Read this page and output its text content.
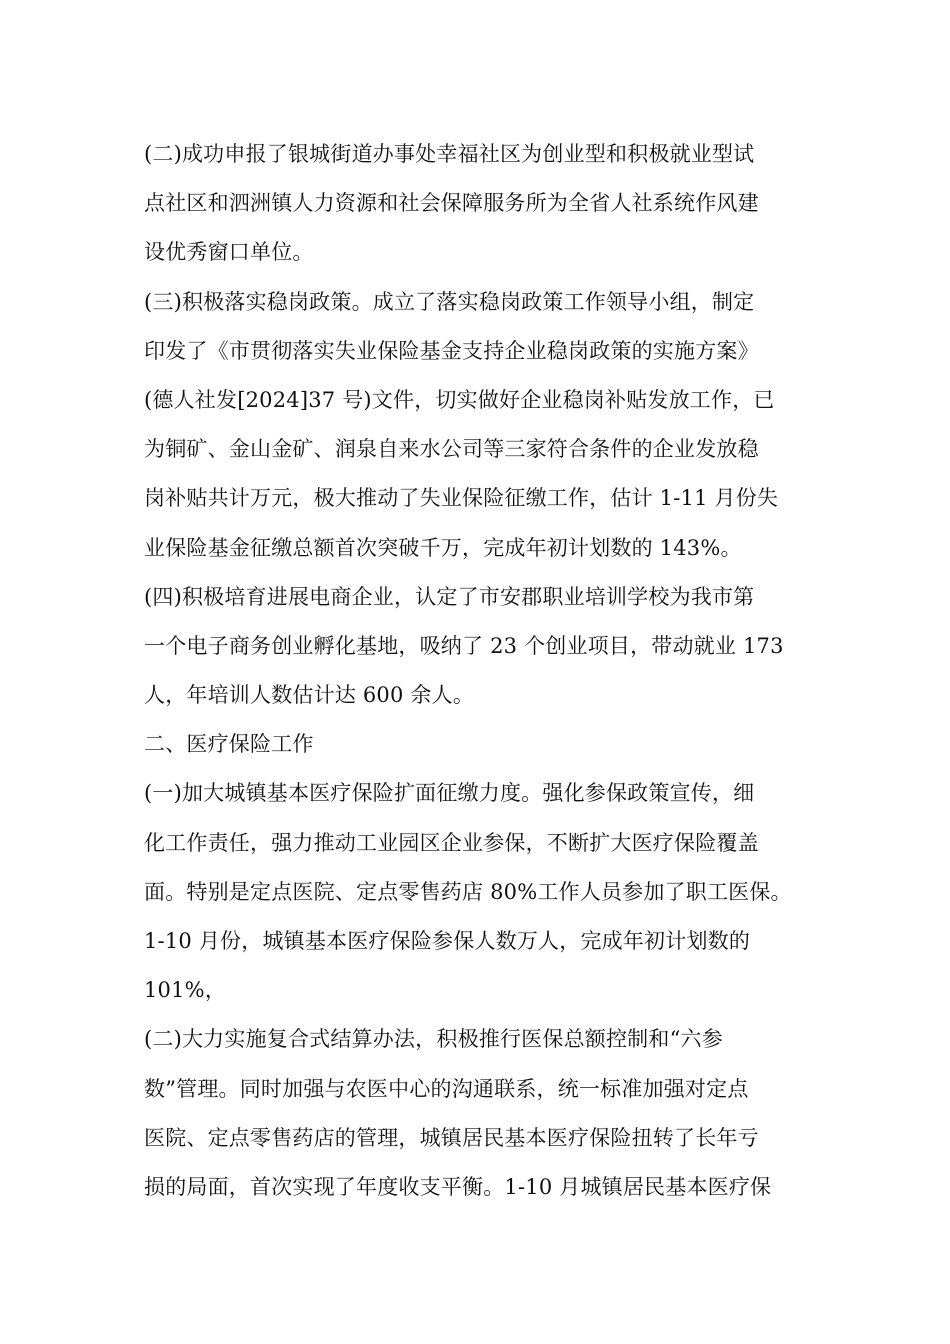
(二)成功申报了银城街道办事处幸福社区为创业型和积极就业型试
点社区和泗洲镇人力资源和社会保障服务所为全省人社系统作风建
设优秀窗口单位。
(三)积极落实稳岗政策。成立了落实稳岗政策工作领导小组，制定
印发了《市贯彻落实失业保险基金支持企业稳岗政策的实施方案》
(德人社发[2024]37 号)文件，切实做好企业稳岗补贴发放工作，已
为铜矿、金山金矿、润泉自来水公司等三家符合条件的企业发放稳
岗补贴共计万元，极大推动了失业保险征缴工作，估计 1-11 月份失
业保险基金征缴总额首次突破千万，完成年初计划数的 143%。
(四)积极培育进展电商企业，认定了市安郡职业培训学校为我市第
一个电子商务创业孵化基地，吸纳了 23 个创业项目，带动就业 173
人，年培训人数估计达 600 余人。
二、医疗保险工作
(一)加大城镇基本医疗保险扩面征缴力度。强化参保政策宣传，细
化工作责任，强力推动工业园区企业参保，不断扩大医疗保险覆盖
面。特别是定点医院、定点零售药店 80%工作人员参加了职工医保。
1-10 月份，城镇基本医疗保险参保人数万人，完成年初计划数的
101%，
(二)大力实施复合式结算办法，积极推行医保总额控制和“六参
数”管理。同时加强与农医中心的沟通联系，统一标准加强对定点
医院、定点零售药店的管理，城镇居民基本医疗保险扭转了长年亏
损的局面，首次实现了年度收支平衡。1-10 月城镇居民基本医疗保
